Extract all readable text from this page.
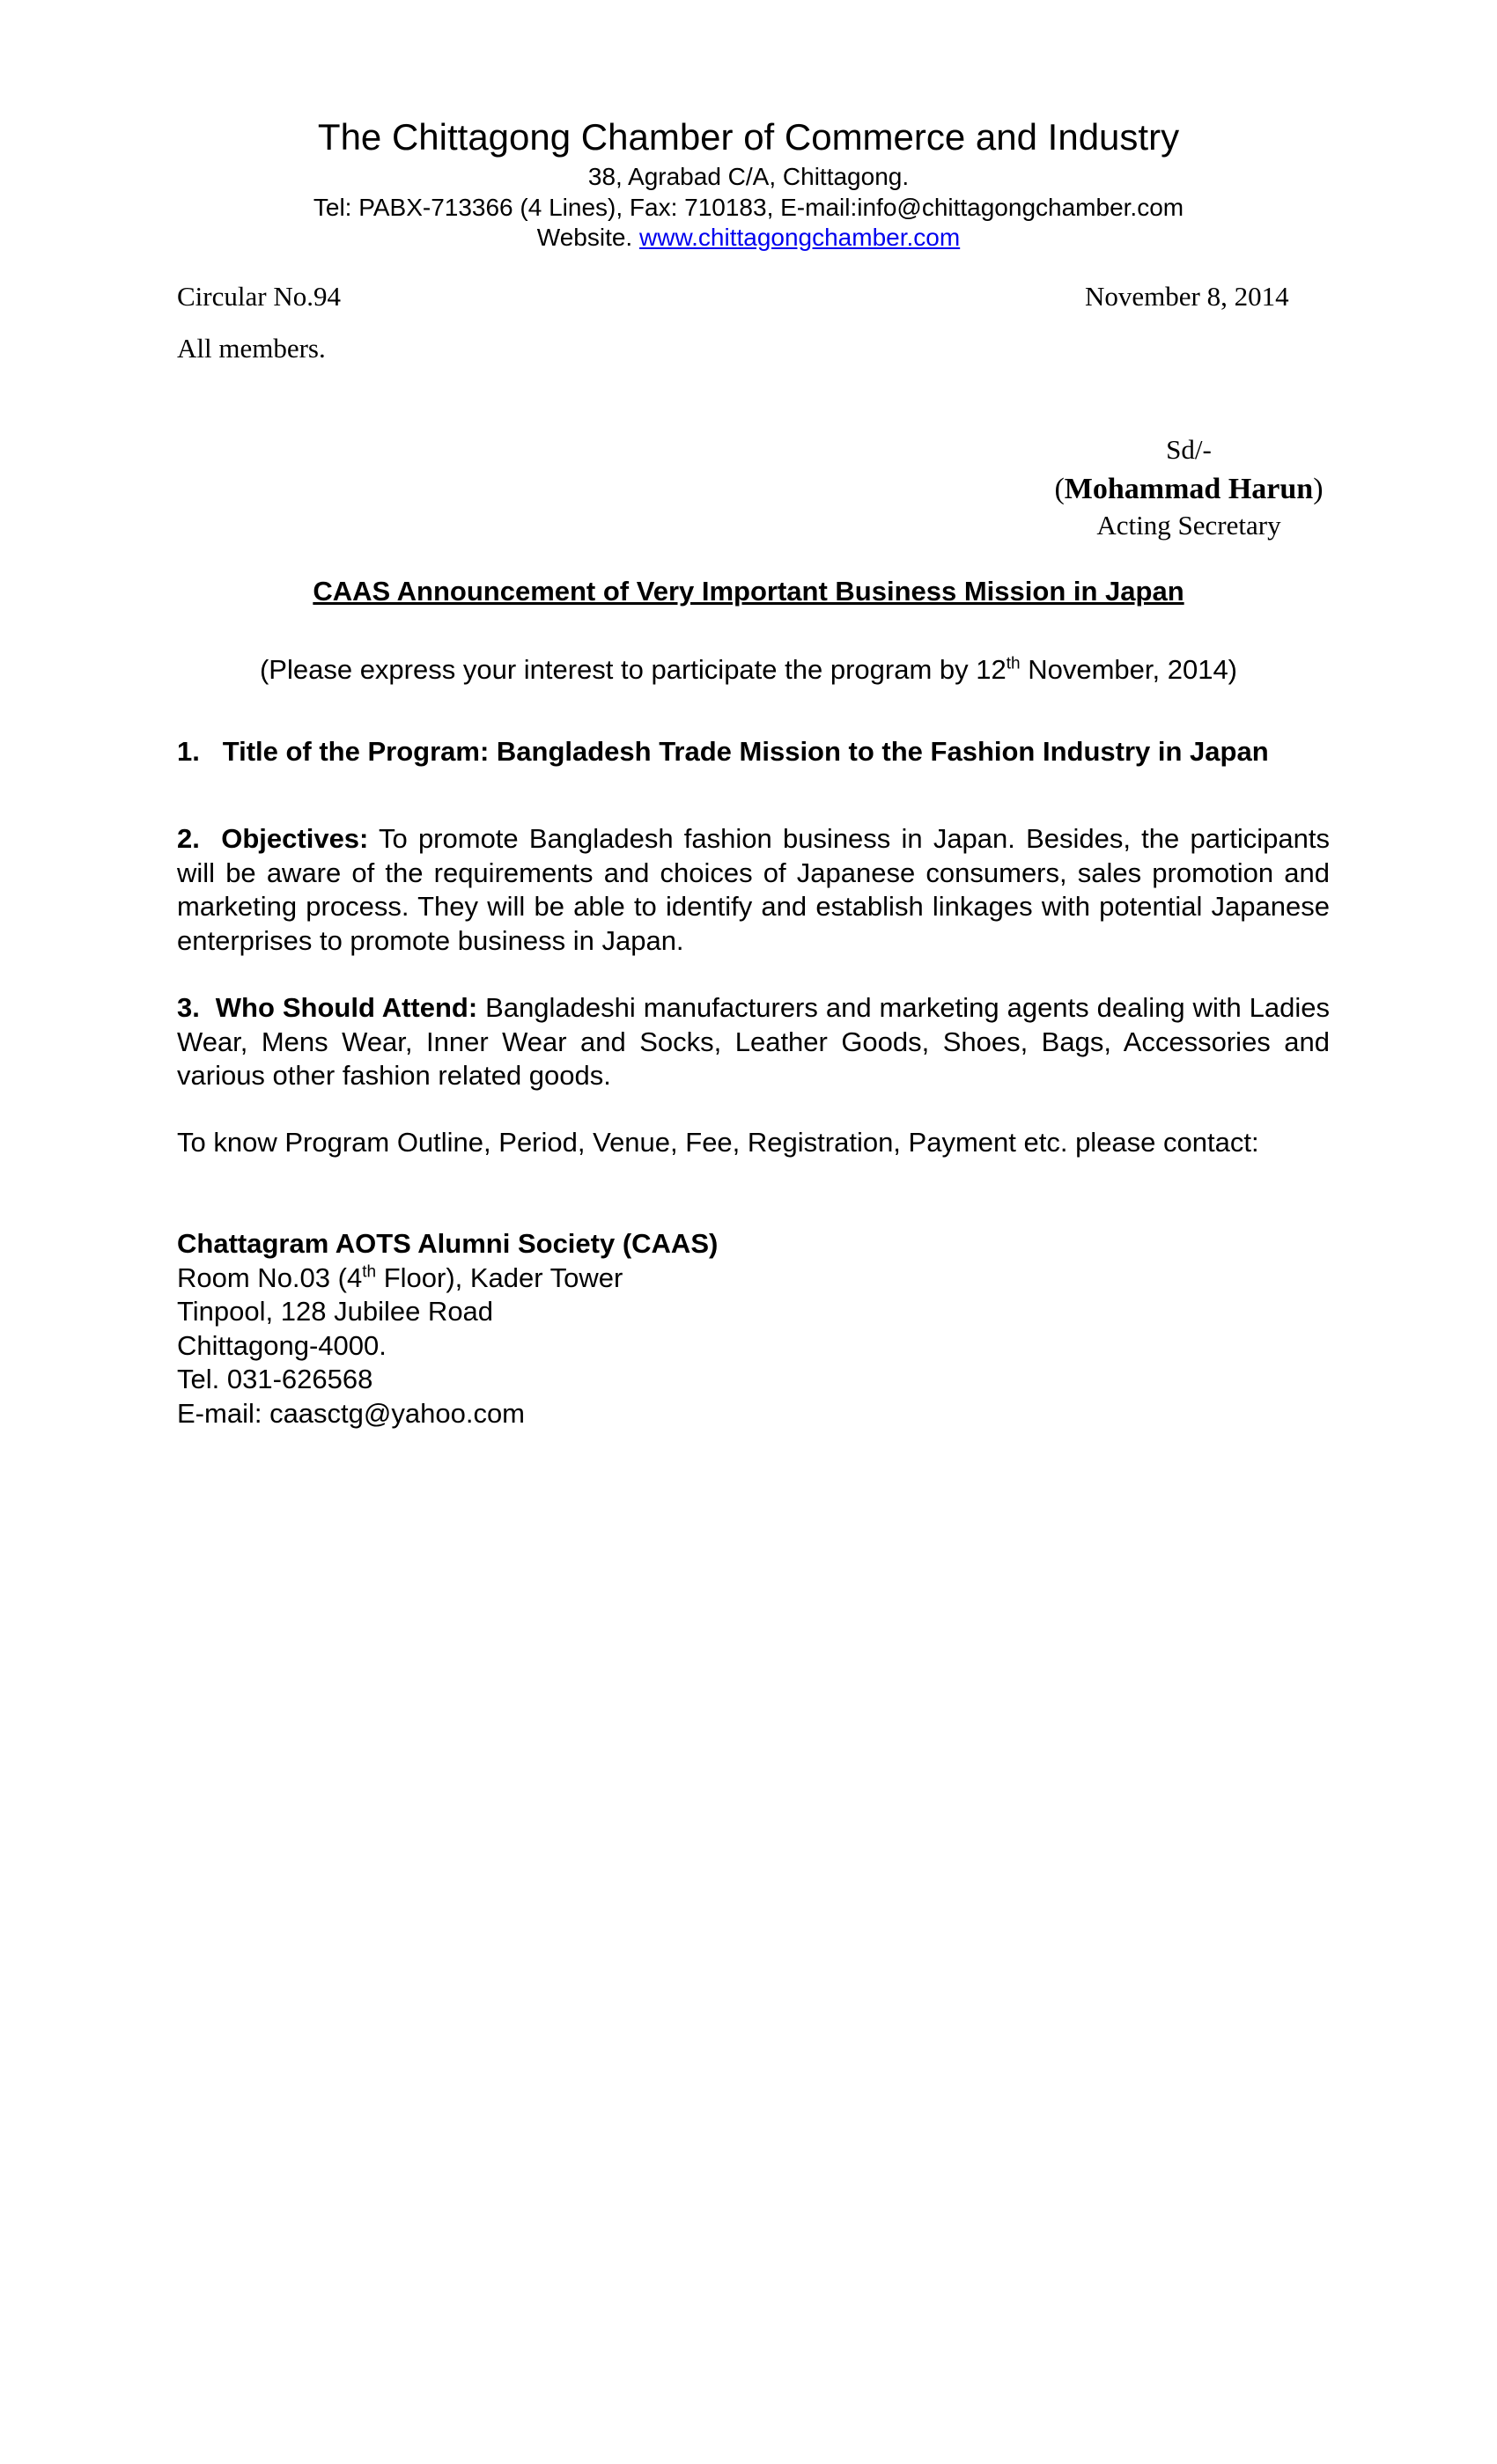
The Chittagong Chamber of Commerce and Industry
38, Agrabad C/A, Chittagong.
Tel: PABX-713366 (4 Lines), Fax: 710183, E-mail:info@chittagongchamber.com
Website. www.chittagongchamber.com
Circular No.94	November 8, 2014
All members.
Sd/-
(Mohammad Harun)
Acting Secretary
CAAS Announcement of Very Important Business Mission in Japan
(Please express your interest to participate the program by 12th November, 2014)
1. Title of the Program: Bangladesh Trade Mission to the Fashion Industry in Japan
2. Objectives: To promote Bangladesh fashion business in Japan. Besides, the participants will be aware of the requirements and choices of Japanese consumers, sales promotion and marketing process. They will be able to identify and establish linkages with potential Japanese enterprises to promote business in Japan.
3. Who Should Attend: Bangladeshi manufacturers and marketing agents dealing with Ladies Wear, Mens Wear, Inner Wear and Socks, Leather Goods, Shoes, Bags, Accessories and various other fashion related goods.
To know Program Outline, Period, Venue, Fee, Registration, Payment etc. please contact:
Chattagram AOTS Alumni Society (CAAS)
Room No.03 (4th Floor), Kader Tower
Tinpool, 128 Jubilee Road
Chittagong-4000.
Tel. 031-626568
E-mail: caasctg@yahoo.com
